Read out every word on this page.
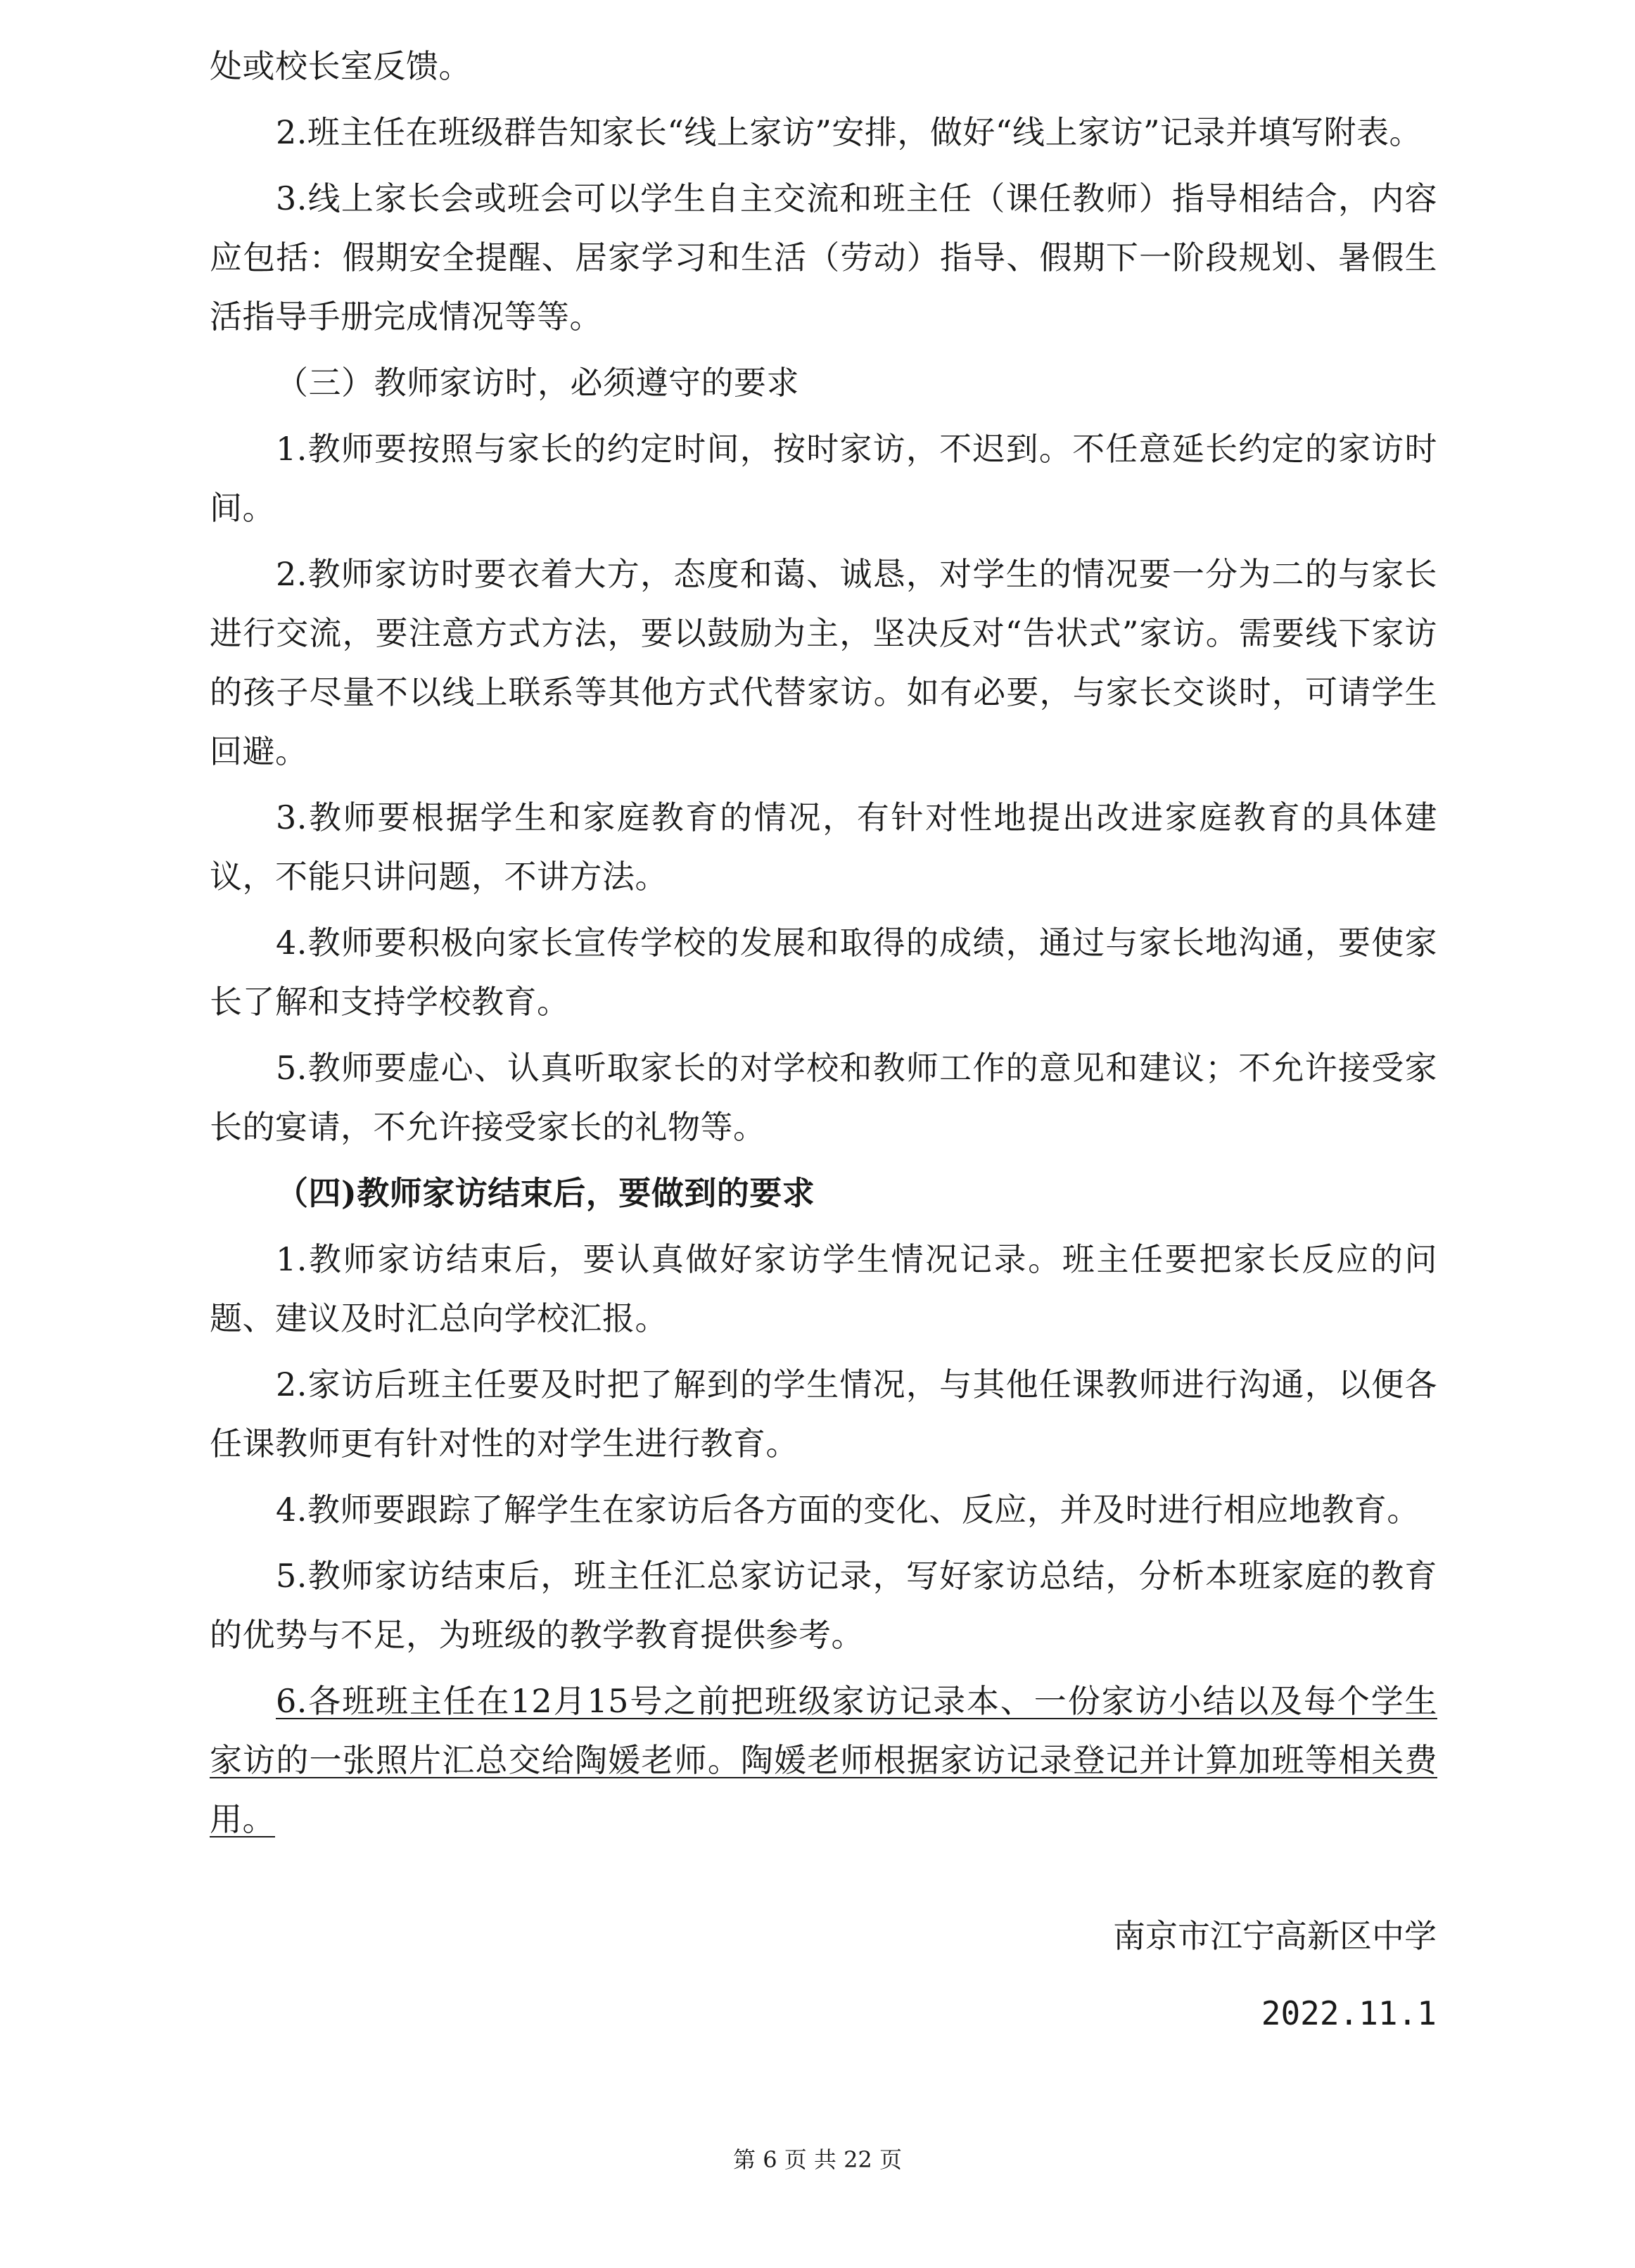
处或校长室反馈。

2.班主任在班级群告知家长“线上家访”安排，做好“线上家访”记录并填写附表。

3.线上家长会或班会可以学生自主交流和班主任（课任教师）指导相结合，内容应包括：假期安全提醒、居家学习和生活（劳动）指导、假期下一阶段规划、暑假生活指导手册完成情况等等。

（三）教师家访时，必须遵守的要求

1.教师要按照与家长的约定时间，按时家访，不迟到。不任意延长约定的家访时间。

2.教师家访时要衣着大方，态度和蔼、诚恳，对学生的情况要一分为二的与家长进行交流，要注意方式方法，要以鼓励为主，坚决反对“告状式”家访。需要线下家访的孩子尽量不以线上联系等其他方式代替家访。如有必要，与家长交谈时，可请学生回避。

3.教师要根据学生和家庭教育的情况，有针对性地提出改进家庭教育的具体建议，不能只讲问题，不讲方法。

4.教师要积极向家长宣传学校的发展和取得的成绩，通过与家长地沟通，要使家长了解和支持学校教育。

5.教师要虚心、认真听取家长的对学校和教师工作的意见和建议；不允许接受家长的宴请，不允许接受家长的礼物等。

（四)教师家访结束后，要做到的要求

1.教师家访结束后，要认真做好家访学生情况记录。班主任要把家长反应的问题、建议及时汇总向学校汇报。

2.家访后班主任要及时把了解到的学生情况，与其他任课教师进行沟通，以便各任课教师更有针对性的对学生进行教育。

4.教师要跟踪了解学生在家访后各方面的变化、反应，并及时进行相应地教育。

5.教师家访结束后，班主任汇总家访记录，写好家访总结，分析本班家庭的教育的优势与不足，为班级的教学教育提供参考。

6.各班班主任在12月15号之前把班级家访记录本、一份家访小结以及每个学生家访的一张照片汇总交给陶媛老师。陶媛老师根据家访记录登记并计算加班等相关费用。

南京市江宁高新区中学
2022.11.1
第 6 页 共 22 页
